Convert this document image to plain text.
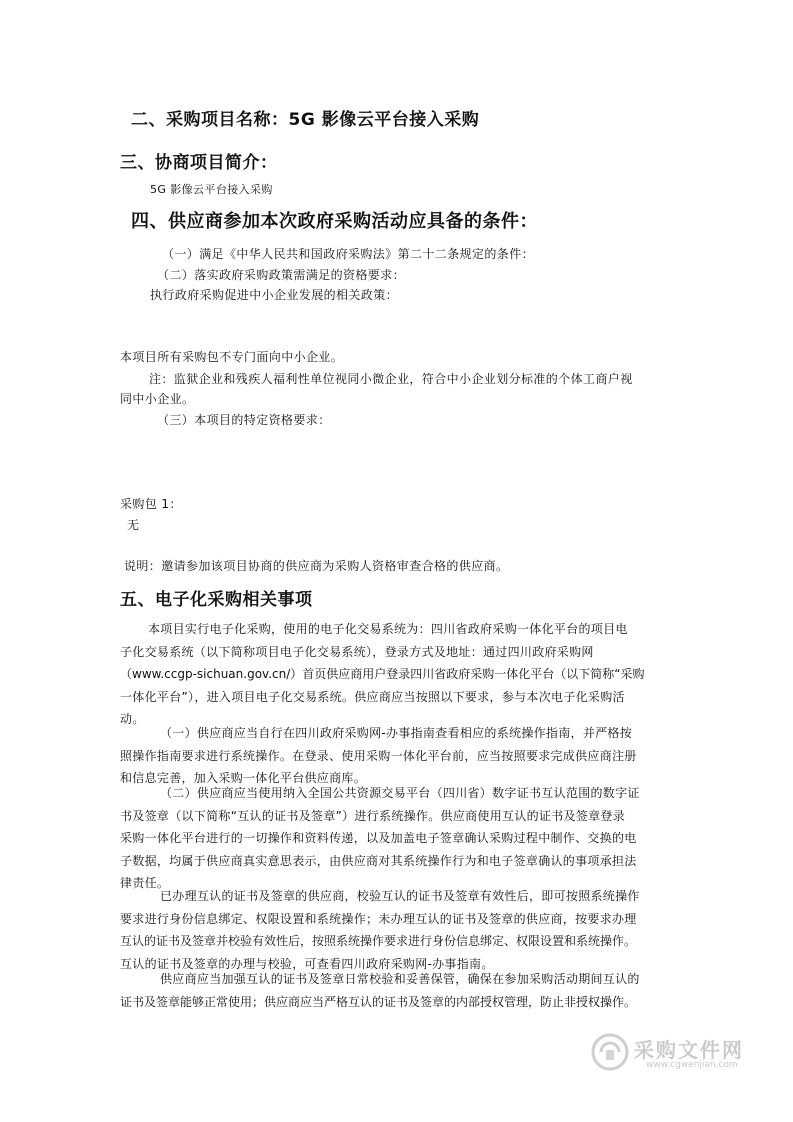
二、采购项目名称：5G 影像云平台接入采购
三、协商项目简介：
5G 影像云平台接入采购
四、供应商参加本次政府采购活动应具备的条件：
（一）满足《中华人民共和国政府采购法》第二十二条规定的条件：
（二）落实政府采购政策需满足的资格要求：
执行政府采购促进中小企业发展的相关政策：
本项目所有采购包不专门面向中小企业。
注：监狱企业和残疾人福利性单位视同小微企业，符合中小企业划分标准的个体工商户视
同中小企业。
（三）本项目的特定资格要求：
采购包 1：
无
说明：邀请参加该项目协商的供应商为采购人资格审查合格的供应商。
五、电子化采购相关事项
本项目实行电子化采购，使用的电子化交易系统为：四川省政府采购一体化平台的项目电
子化交易系统（以下简称项目电子化交易系统），登录方式及地址：通过四川政府采购网
（www.ccgp-sichuan.gov.cn/）首页供应商用户登录四川省政府采购一体化平台（以下简称“采购
一体化平台”），进入项目电子化交易系统。供应商应当按照以下要求，参与本次电子化采购活
动。
（一）供应商应当自行在四川政府采购网-办事指南查看相应的系统操作指南，并严格按
照操作指南要求进行系统操作。在登录、使用采购一体化平台前，应当按照要求完成供应商注册
和信息完善，加入采购一体化平台供应商库。
（二）供应商应当使用纳入全国公共资源交易平台（四川省）数字证书互认范围的数字证
书及签章（以下简称“互认的证书及签章”）进行系统操作。供应商使用互认的证书及签章登录
采购一体化平台进行的一切操作和资料传递，以及加盖电子签章确认采购过程中制作、交换的电
子数据，均属于供应商真实意思表示，由供应商对其系统操作行为和电子签章确认的事项承担法
律责任。
已办理互认的证书及签章的供应商，校验互认的证书及签章有效性后，即可按照系统操作
要求进行身份信息绑定、权限设置和系统操作；未办理互认的证书及签章的供应商，按要求办理
互认的证书及签章并校验有效性后，按照系统操作要求进行身份信息绑定、权限设置和系统操作。
互认的证书及签章的办理与校验，可查看四川政府采购网-办事指南。
供应商应当加强互认的证书及签章日常校验和妥善保管，确保在参加采购活动期间互认的
证书及签章能够正常使用；供应商应当严格互认的证书及签章的内部授权管理，防止非授权操作。
采购文件网
www.cgwenjian.com
